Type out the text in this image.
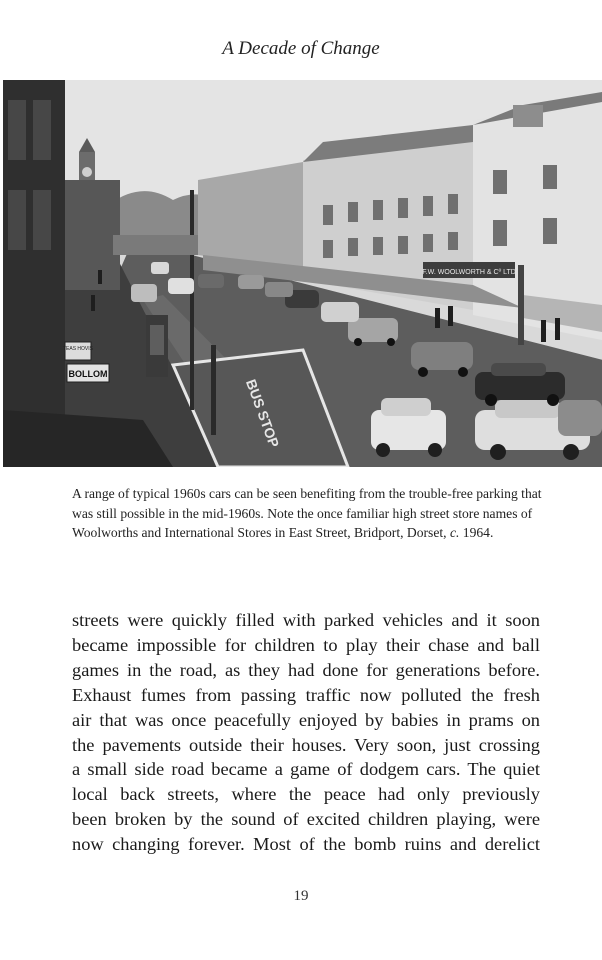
A Decade of Change
F.W. WOOLWORTH & Cº LTD
BUS STOP
TEAS HOVIS
BOLLOM
A range of typical 1960s cars can be seen benefiting from the trouble-free parking that was still possible in the mid-1960s. Note the once familiar high street store names of Woolworths and International Stores in East Street, Bridport, Dorset, c. 1964.
streets were quickly filled with parked vehicles and it soon
became impossible for children to play their chase and ball
games in the road, as they had done for generations before.
Exhaust fumes from passing traffic now polluted the fresh
air that was once peacefully enjoyed by babies in prams on
the pavements outside their houses. Very soon, just crossing
a small side road became a game of dodgem cars. The quiet
local back streets, where the peace had only previously
been broken by the sound of excited children playing, were
now changing forever. Most of the bomb ruins and derelict
19
